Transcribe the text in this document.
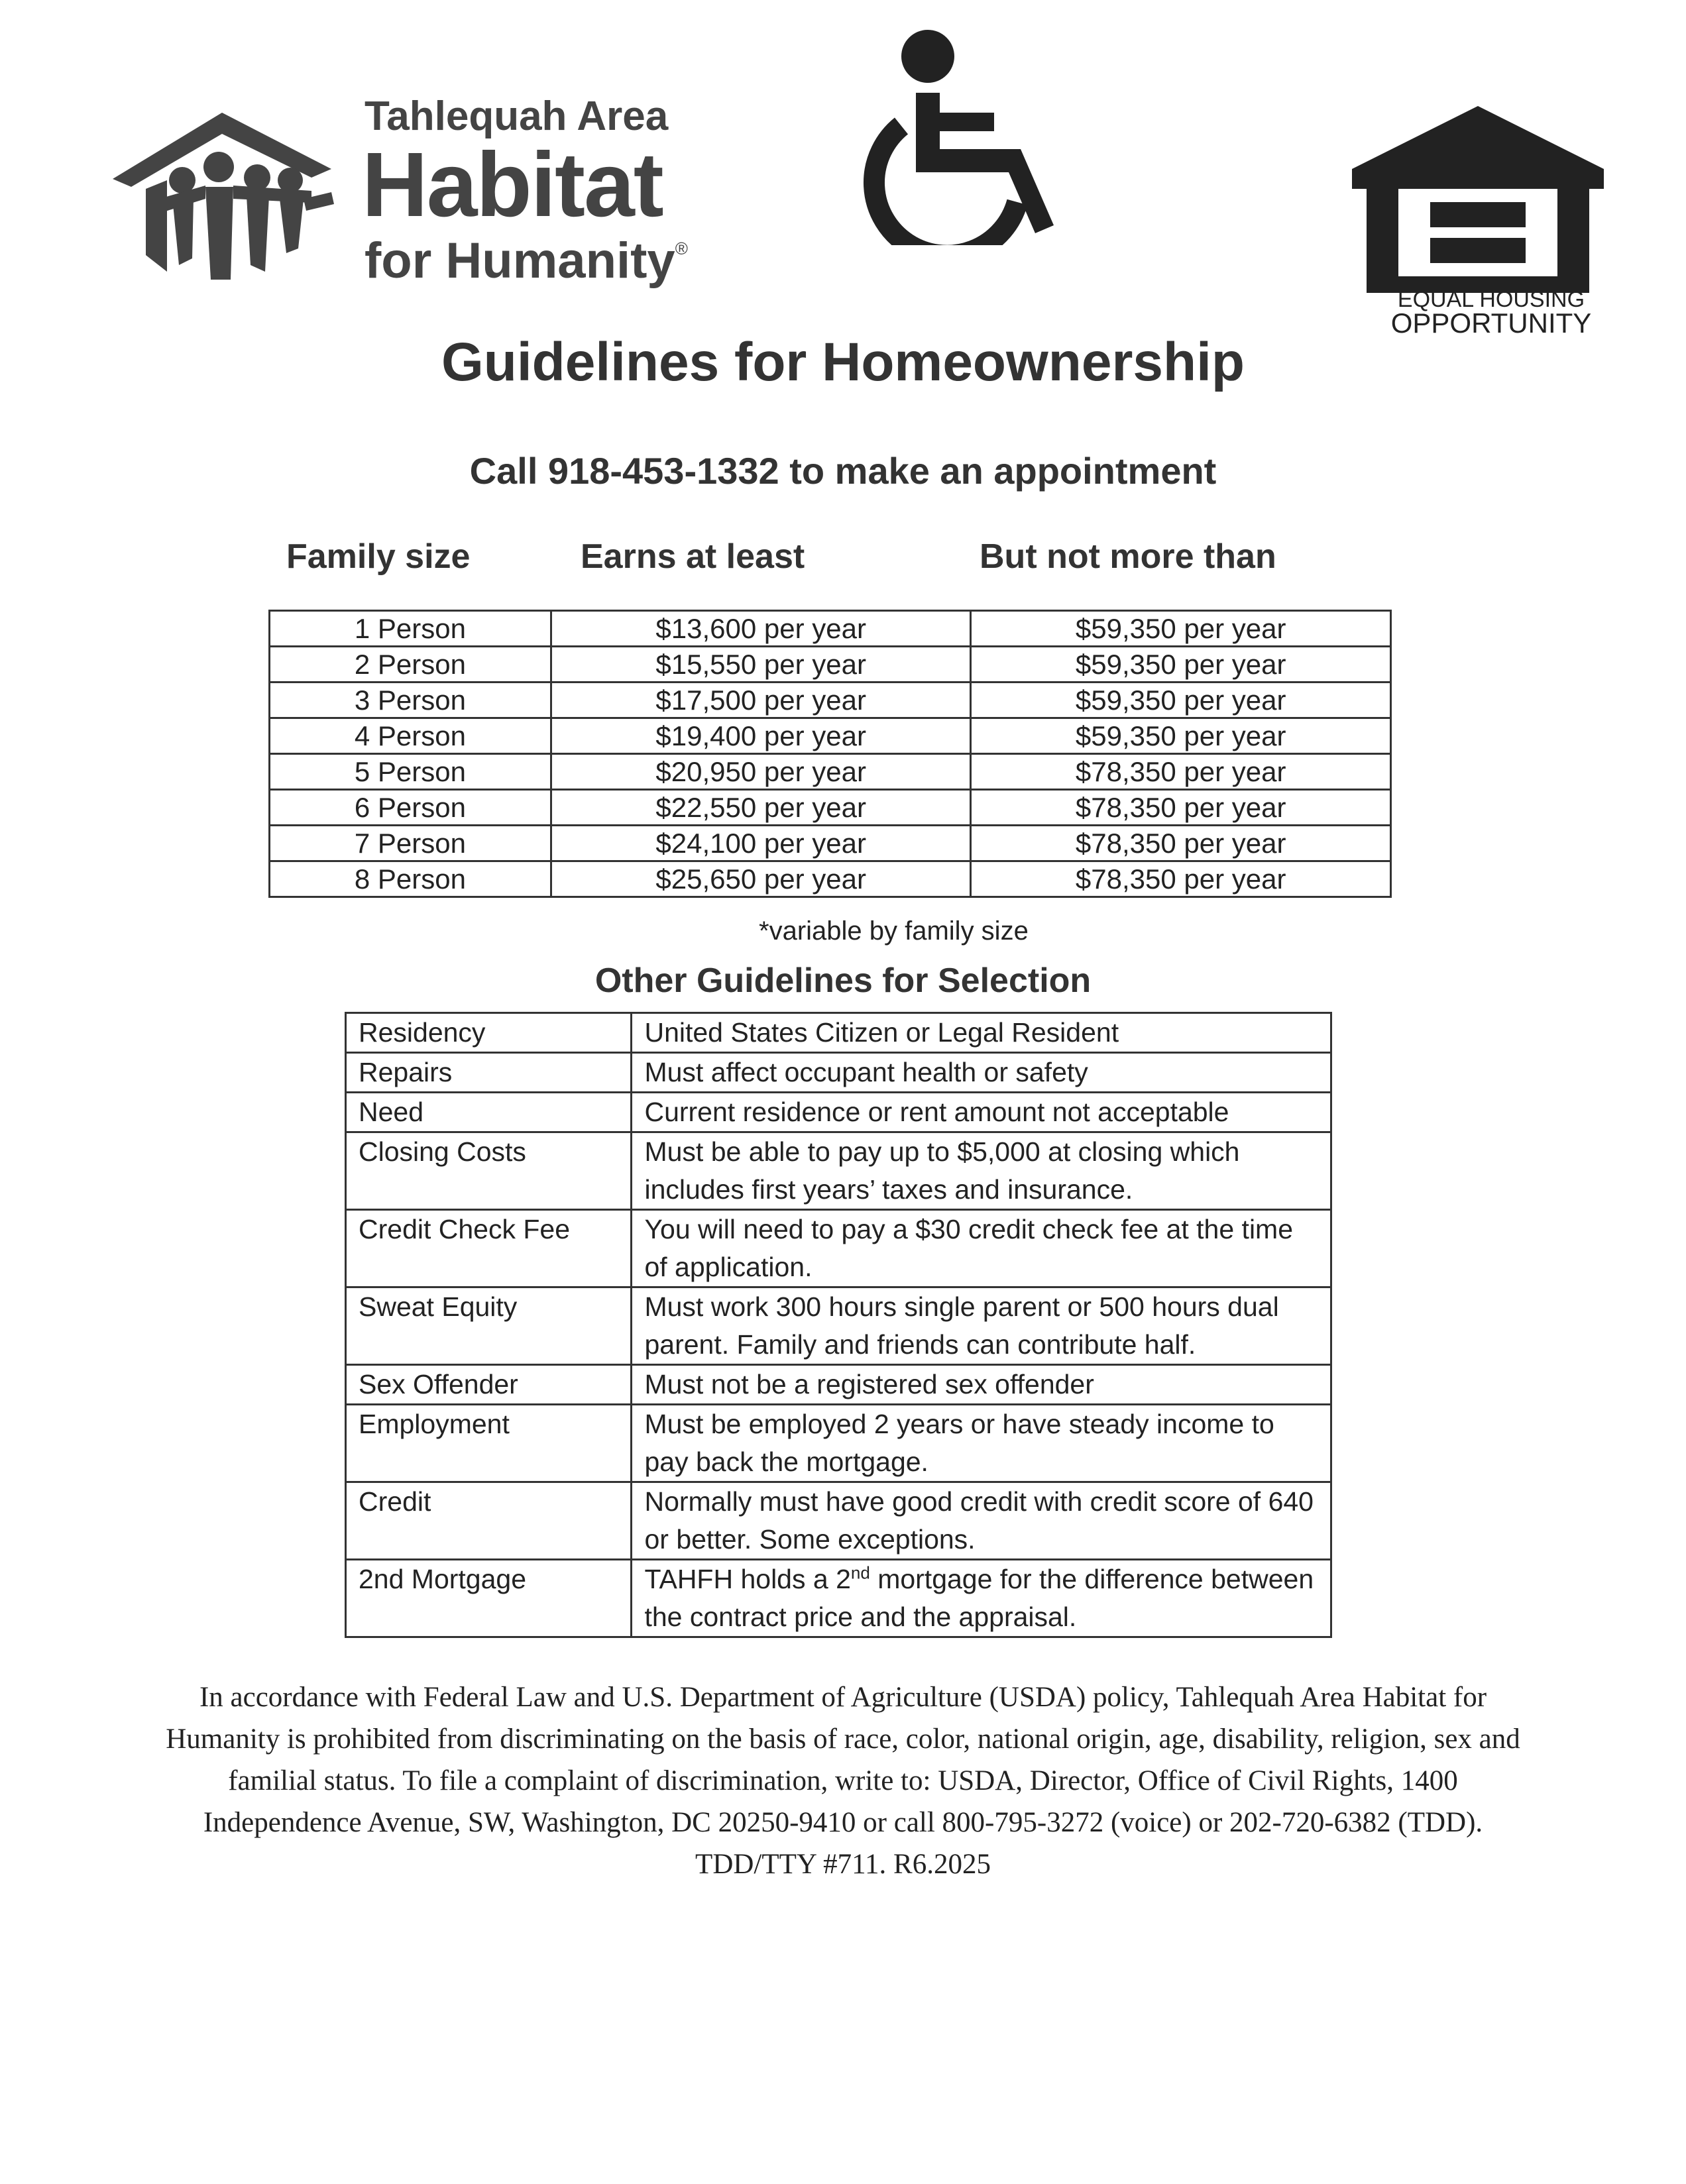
Tahlequah Area
Habitat
for Humanity®
EQUAL HOUSING
OPPORTUNITY
Guidelines for Homeownership
Call 918-453-1332 to make an appointment
Family size	Earns at least	But not more than
1 Person	$13,600 per year	$59,350 per year
2 Person	$15,550 per year	$59,350 per year
3 Person	$17,500 per year	$59,350 per year
4 Person	$19,400 per year	$59,350 per year
5 Person	$20,950 per year	$78,350 per year
6 Person	$22,550 per year	$78,350 per year
7 Person	$24,100 per year	$78,350 per year
8 Person	$25,650 per year	$78,350 per year
*variable by family size
Other Guidelines for Selection
Residency	United States Citizen or Legal Resident
Repairs	Must affect occupant health or safety
Need	Current residence or rent amount not acceptable
Closing Costs	Must be able to pay up to $5,000 at closing which includes first years’ taxes and insurance.
Credit Check Fee	You will need to pay a $30 credit check fee at the time of application.
Sweat Equity	Must work 300 hours single parent or 500 hours dual parent. Family and friends can contribute half.
Sex Offender	Must not be a registered sex offender
Employment	Must be employed 2 years or have steady income to pay back the mortgage.
Credit	Normally must have good credit with credit score of 640 or better. Some exceptions.
2nd Mortgage	TAHFH holds a 2nd mortgage for the difference between the contract price and the appraisal.
In accordance with Federal Law and U.S. Department of Agriculture (USDA) policy, Tahlequah Area Habitat for
Humanity is prohibited from discriminating on the basis of race, color, national origin, age, disability, religion, sex and
familial status. To file a complaint of discrimination, write to: USDA, Director, Office of Civil Rights, 1400
Independence Avenue, SW, Washington, DC 20250-9410 or call 800-795-3272 (voice) or 202-720-6382 (TDD).
TDD/TTY #711. R6.2025
